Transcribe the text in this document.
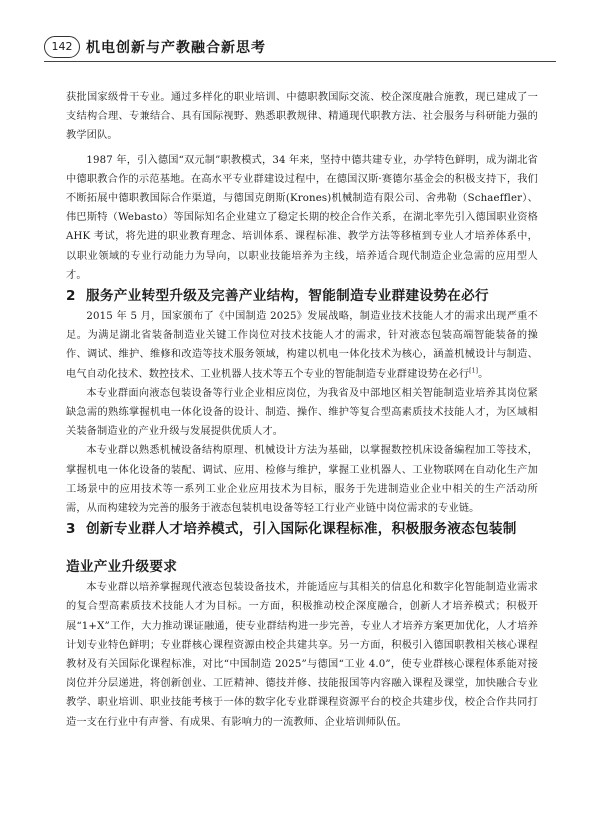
142 机电创新与产教融合新思考

获批国家级骨干专业。通过多样化的职业培训、中德职教国际交流、校企深度融合施教，现已建成了一支结构合理、专兼结合、具有国际视野、熟悉职教规律、精通现代职教方法、社会服务与科研能力强的教学团队。

1987 年，引入德国“双元制”职教模式，34 年来，坚持中德共建专业，办学特色鲜明，成为湖北省中德职教合作的示范基地。在高水平专业群建设过程中，在德国汉斯·赛德尔基金会的积极支持下，我们不断拓展中德职教国际合作渠道，与德国克朗斯(Krones)机械制造有限公司、舍弗勒（Schaeffler）、伟巴斯特（Webasto）等国际知名企业建立了稳定长期的校企合作关系，在湖北率先引入德国职业资格 AHK 考试，将先进的职业教育理念、培训体系、课程标准、教学方法等移植到专业人才培养体系中，以职业领域的专业行动能力为导向，以职业技能培养为主线，培养适合现代制造企业急需的应用型人才。

2 服务产业转型升级及完善产业结构，智能制造专业群建设势在必行

2015 年 5 月，国家颁布了《中国制造 2025》发展战略，制造业技术技能人才的需求出现严重不足。为满足湖北省装备制造业关键工作岗位对技术技能人才的需求，针对液态包装高端智能装备的操作、调试、维护、维修和改造等技术服务领域，构建以机电一体化技术为核心，涵盖机械设计与制造、电气自动化技术、数控技术、工业机器人技术等五个专业的智能制造专业群建设势在必行[1]。

本专业群面向液态包装设备等行业企业相应岗位，为我省及中部地区相关智能制造业培养其岗位紧缺急需的熟练掌握机电一体化设备的设计、制造、操作、维护等复合型高素质技术技能人才，为区域相关装备制造业的产业升级与发展提供优质人才。

本专业群以熟悉机械设备结构原理、机械设计方法为基础，以掌握数控机床设备编程加工等技术，掌握机电一体化设备的装配、调试、应用、检修与维护，掌握工业机器人、工业物联网在自动化生产加工场景中的应用技术等一系列工业企业应用技术为目标，服务于先进制造业企业中相关的生产活动所需，从而构建较为完善的服务于液态包装机电设备等轻工行业产业链中岗位需求的专业链。

3 创新专业群人才培养模式，引入国际化课程标准，积极服务液态包装制
造业产业升级要求

本专业群以培养掌握现代液态包装设备技术，并能适应与其相关的信息化和数字化智能制造业需求的复合型高素质技术技能人才为目标。一方面，积极推动校企深度融合，创新人才培养模式；积极开展“1+X”工作，大力推动课证融通，使专业群结构进一步完善，专业人才培养方案更加优化，人才培养计划专业特色鲜明；专业群核心课程资源由校企共建共享。另一方面，积极引入德国职教相关核心课程教材及有关国际化课程标准，对比“中国制造 2025”与德国“工业 4.0”，使专业群核心课程体系能对接岗位并分层递进，将创新创业、工匠精神、德技并修、技能报国等内容融入课程及课堂，加快融合专业教学、职业培训、职业技能考核于一体的数字化专业群课程资源平台的校企共建步伐，校企合作共同打造一支在行业中有声誉、有成果、有影响力的一流教师、企业培训师队伍。
